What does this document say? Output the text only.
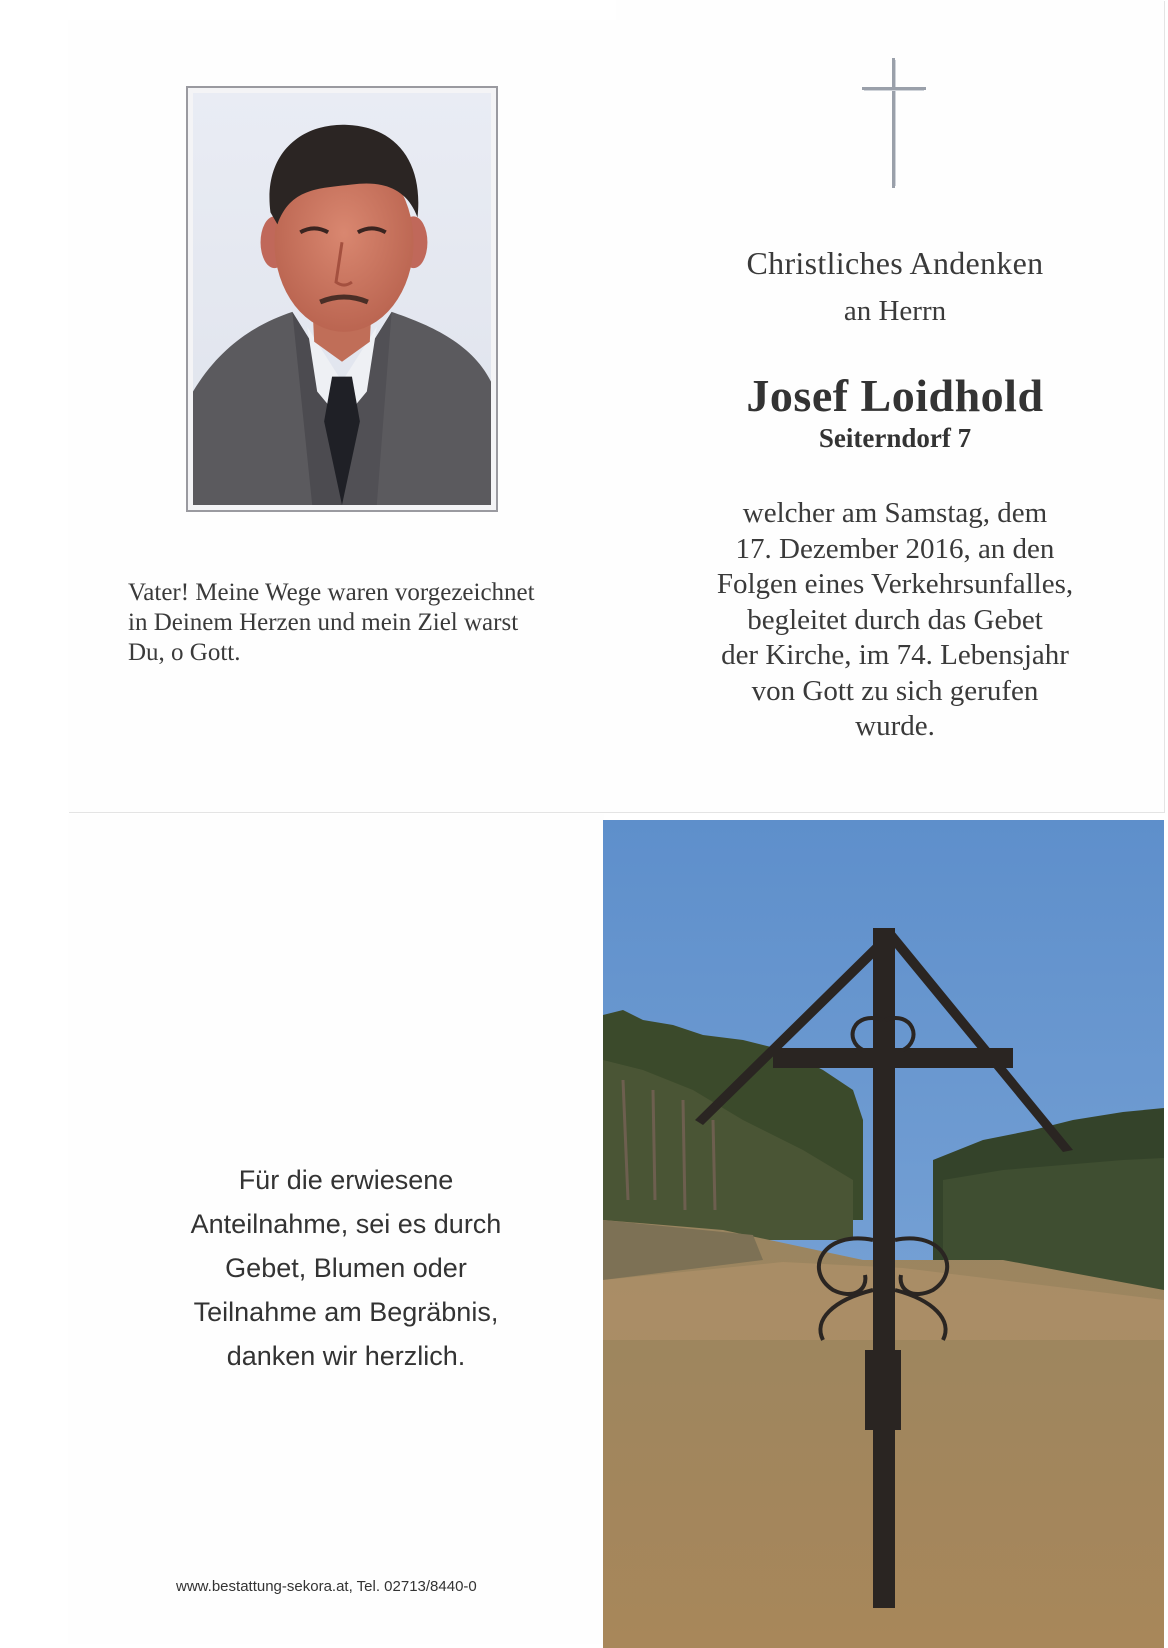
Vater! Meine Wege waren vorgezeichnet
in Deinem Herzen und mein Ziel warst
Du, o Gott.
Christliches Andenken
an Herrn
Josef Loidhold
Seiterndorf 7
welcher am Samstag, dem
17. Dezember 2016, an den
Folgen eines Verkehrsunfalles,
begleitet durch das Gebet
der Kirche, im 74. Lebensjahr
von Gott zu sich gerufen
wurde.
Für die erwiesene
Anteilnahme, sei es durch
Gebet, Blumen oder
Teilnahme am Begräbnis,
danken wir herzlich.
www.bestattung-sekora.at, Tel. 02713/8440-0
